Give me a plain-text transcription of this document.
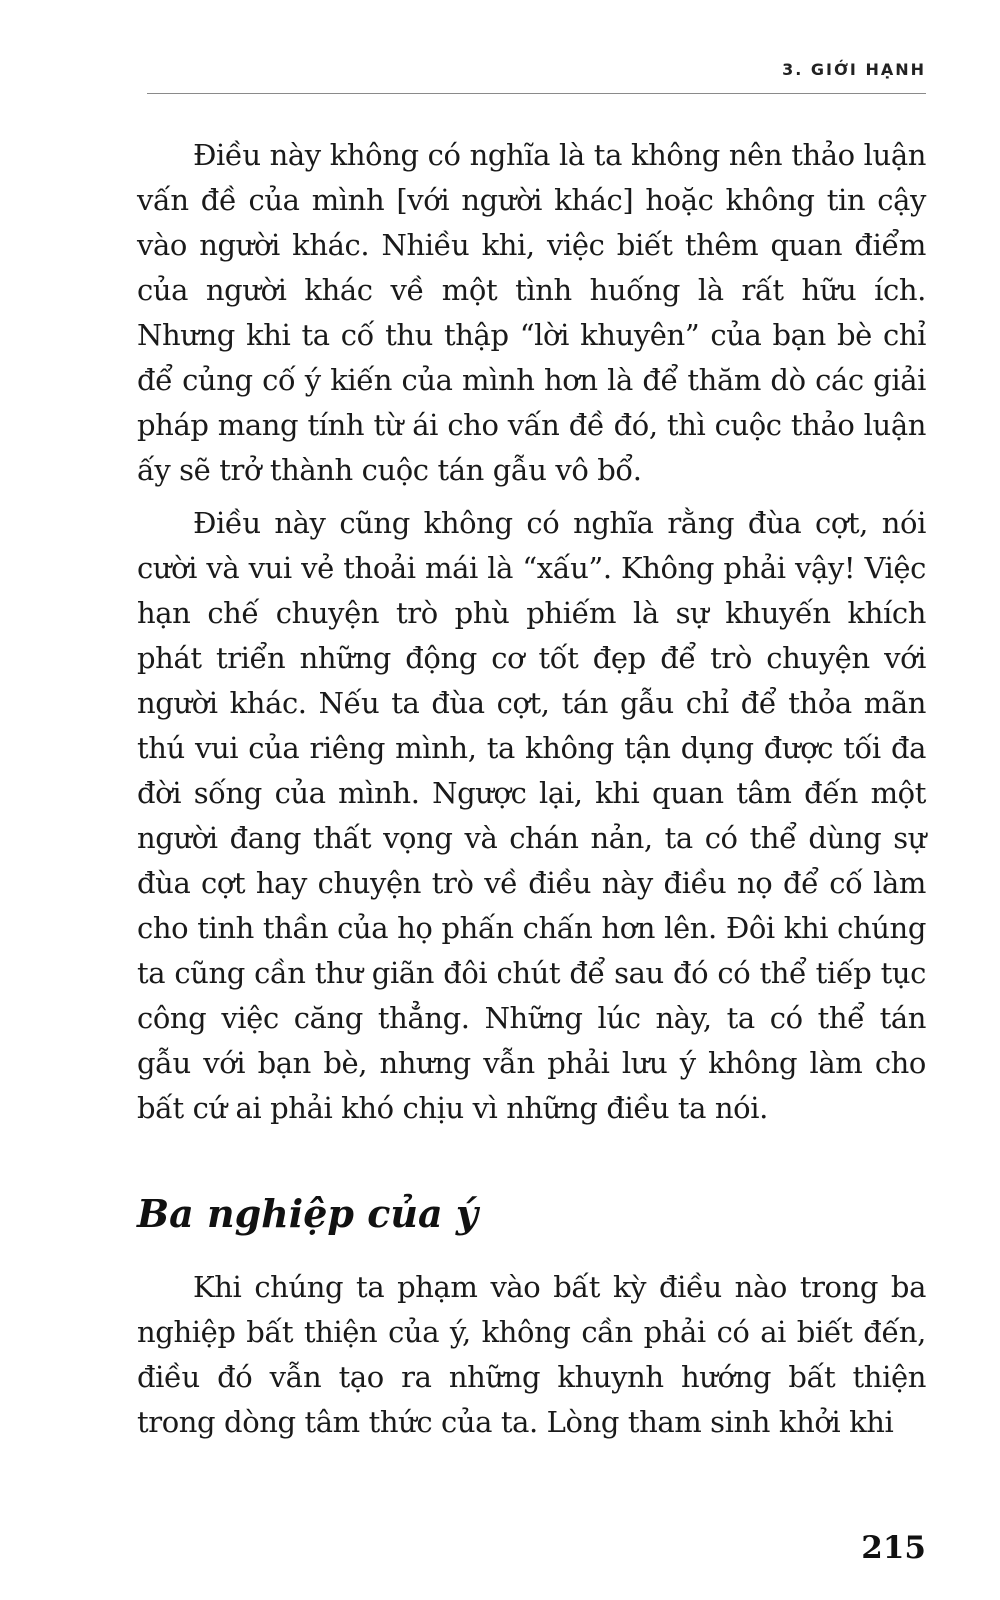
3. GIỚI HẠNH

Điều này không có nghĩa là ta không nên thảo luận vấn đề của mình [với người khác] hoặc không tin cậy vào người khác. Nhiều khi, việc biết thêm quan điểm của người khác về một tình huống là rất hữu ích. Nhưng khi ta cố thu thập “lời khuyên” của bạn bè chỉ để củng cố ý kiến của mình hơn là để thăm dò các giải pháp mang tính từ ái cho vấn đề đó, thì cuộc thảo luận ấy sẽ trở thành cuộc tán gẫu vô bổ.

Điều này cũng không có nghĩa rằng đùa cợt, nói cười và vui vẻ thoải mái là “xấu”. Không phải vậy! Việc hạn chế chuyện trò phù phiếm là sự khuyến khích phát triển những động cơ tốt đẹp để trò chuyện với người khác. Nếu ta đùa cợt, tán gẫu chỉ để thỏa mãn thú vui của riêng mình, ta không tận dụng được tối đa đời sống của mình. Ngược lại, khi quan tâm đến một người đang thất vọng và chán nản, ta có thể dùng sự đùa cợt hay chuyện trò về điều này điều nọ để cố làm cho tinh thần của họ phấn chấn hơn lên. Đôi khi chúng ta cũng cần thư giãn đôi chút để sau đó có thể tiếp tục công việc căng thẳng. Những lúc này, ta có thể tán gẫu với bạn bè, nhưng vẫn phải lưu ý không làm cho bất cứ ai phải khó chịu vì những điều ta nói.

Ba nghiệp của ý

Khi chúng ta phạm vào bất kỳ điều nào trong ba nghiệp bất thiện của ý, không cần phải có ai biết đến, điều đó vẫn tạo ra những khuynh hướng bất thiện trong dòng tâm thức của ta. Lòng tham sinh khởi khi

215
